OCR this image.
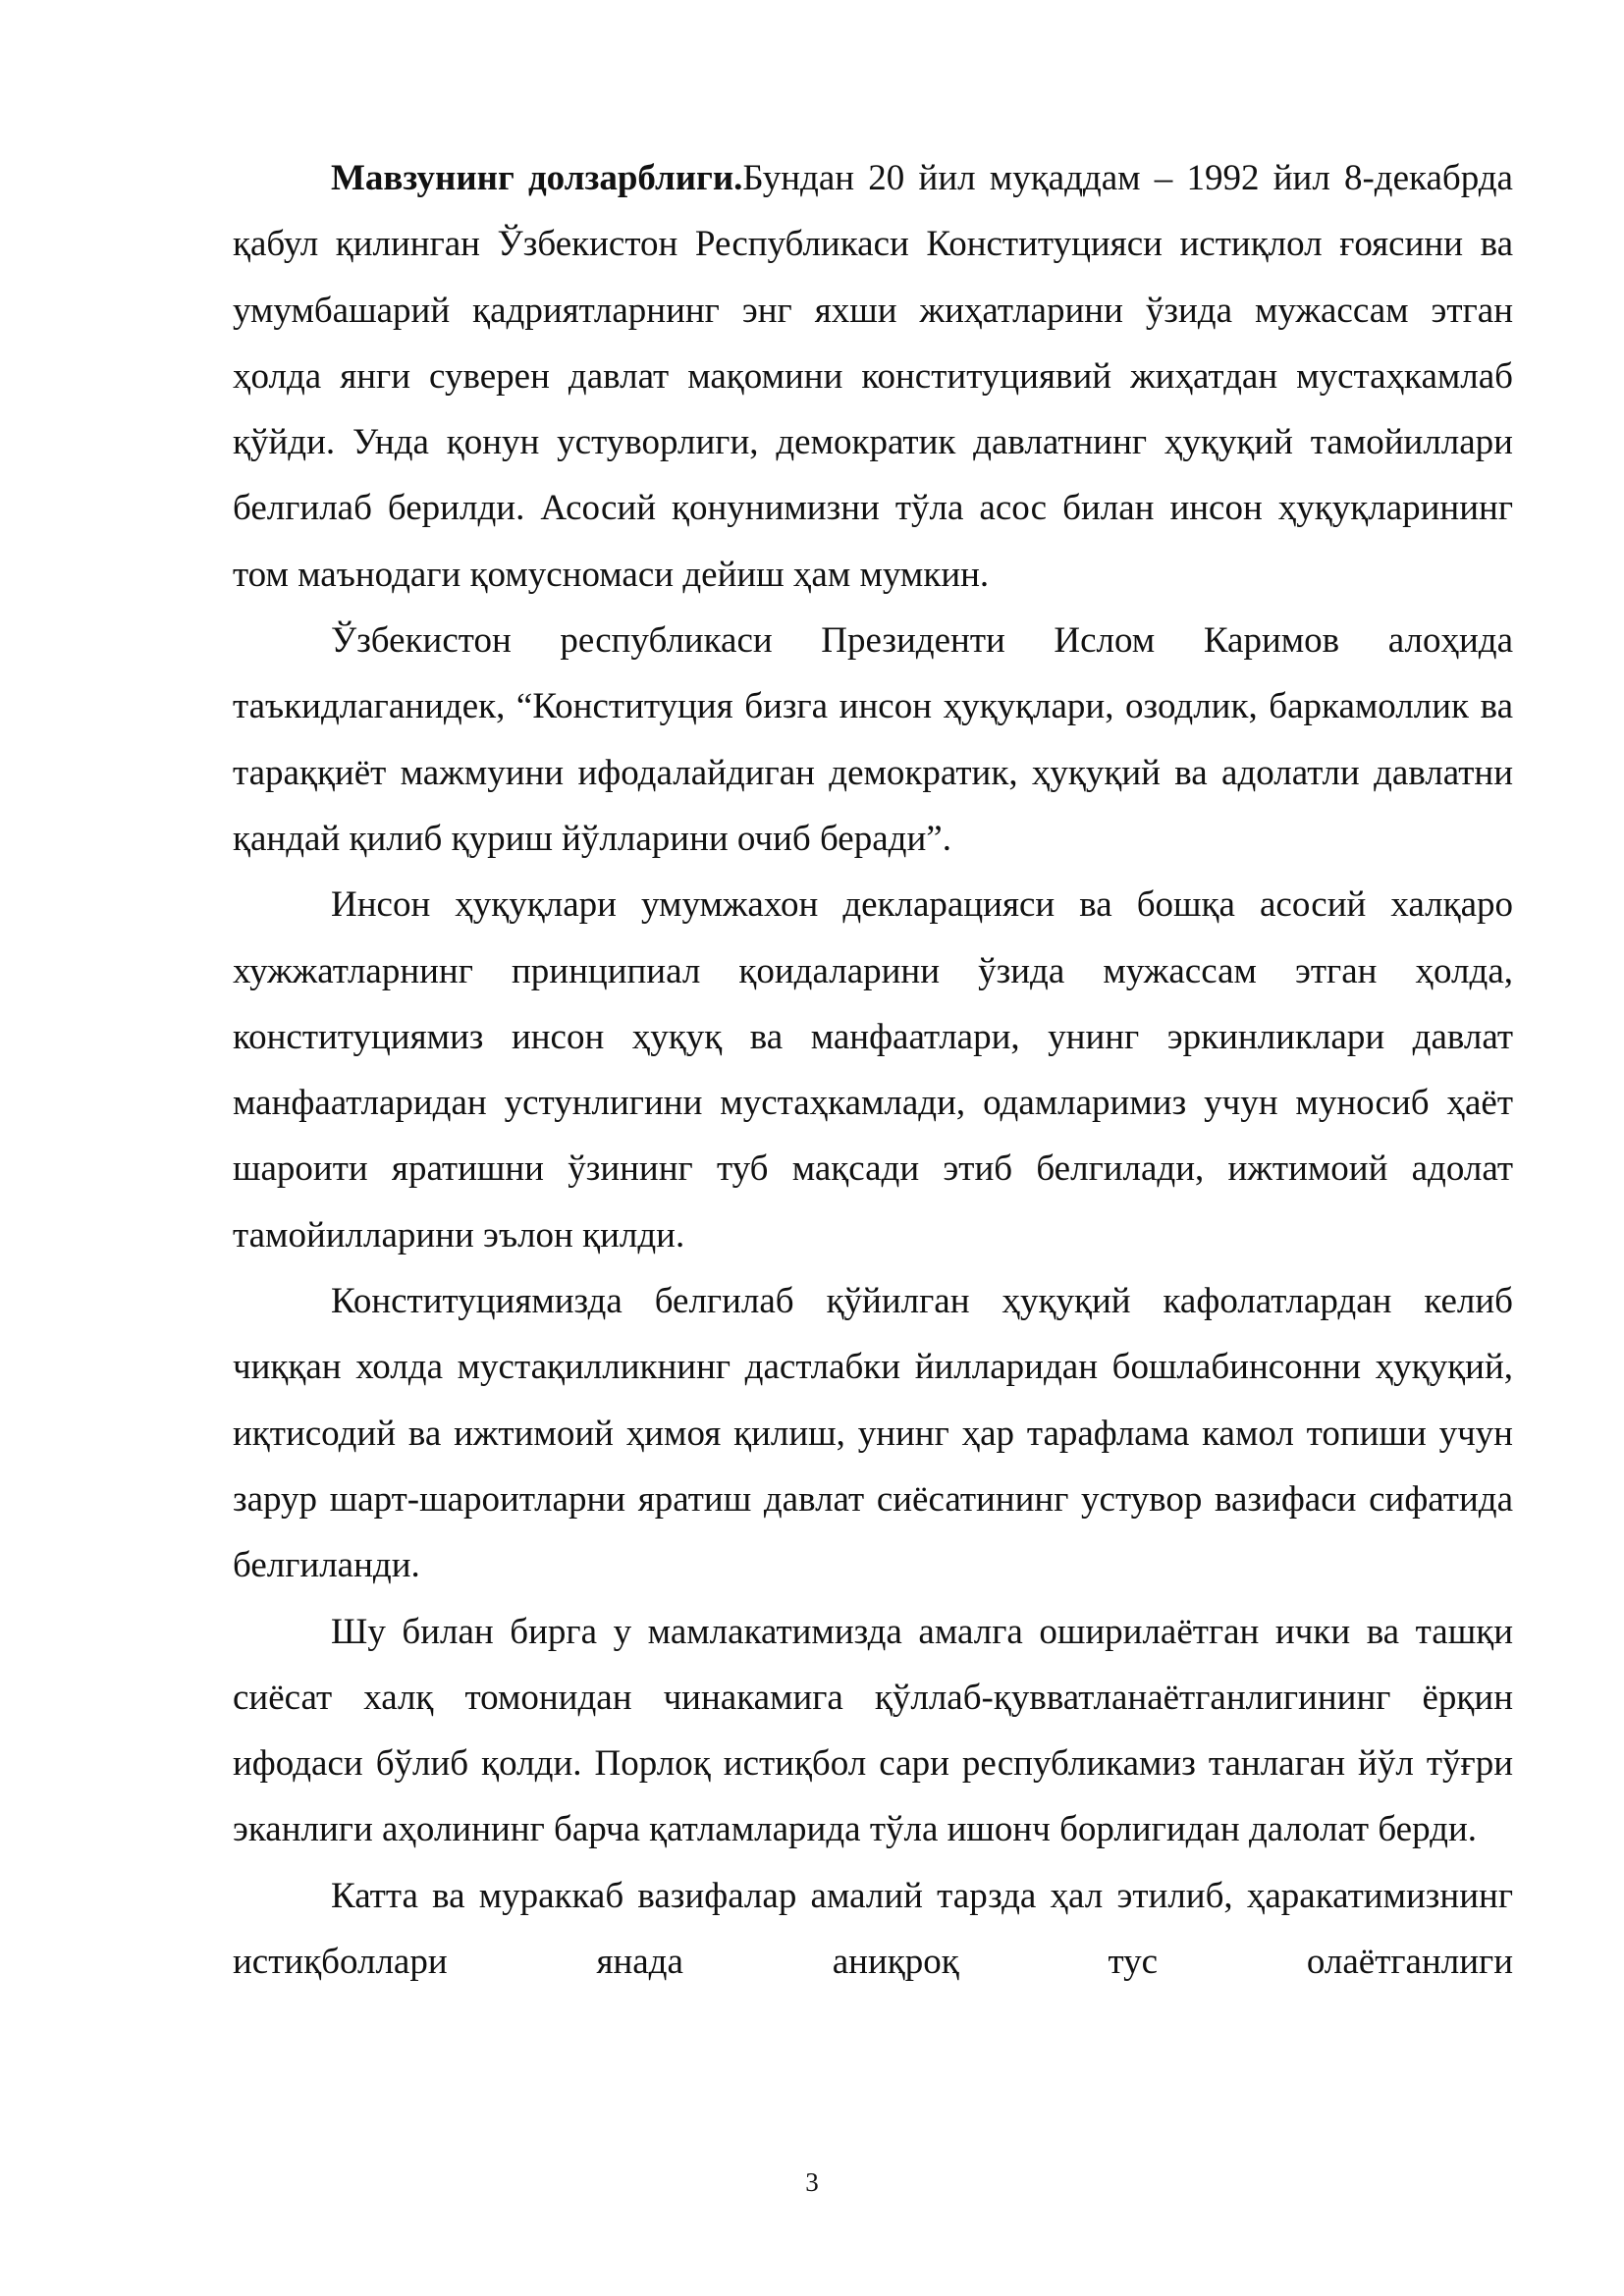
Мавзунинг долзарблиги.Бундан 20 йил муқаддам – 1992 йил 8-декабрда қабул қилинган Ўзбекистон Республикаси Конституцияси истиқлол ғоясини ва умумбашарий қадриятларнинг энг яхши жиҳатларини ўзида мужассам этган ҳолда янги суверен давлат мақомини конституциявий жиҳатдан мустаҳкамлаб қўйди. Унда қонун устуворлиги, демократик давлатнинг ҳуқуқий тамойиллари белгилаб берилди. Асосий қонунимизни тўла асос билан инсон ҳуқуқларининг том маънодаги қомусномаси дейиш ҳам мумкин.

Ўзбекистон республикаси Президенти Ислом Каримов алоҳида таъкидлаганидек, “Конституция бизга инсон ҳуқуқлари, озодлик, баркамоллик ва тараққиёт мажмуини ифодалайдиган демократик, ҳуқуқий ва адолатли давлатни қандай қилиб қуриш йўлларини очиб беради”.

Инсон ҳуқуқлари умумжахон декларацияси ва бошқа асосий халқаро хужжатларнинг принципиал қоидаларини ўзида мужассам этган ҳолда, конституциямиз инсон ҳуқуқ ва манфаатлари, унинг эркинликлари давлат манфаатларидан устунлигини мустаҳкамлади, одамларимиз учун муносиб ҳаёт шароити яратишни ўзининг туб мақсади этиб белгилади, ижтимоий адолат тамойилларини эълон қилди.

Конституциямизда белгилаб қўйилган ҳуқуқий кафолатлардан келиб чиққан холда мустақилликнинг дастлабки йилларидан бошлабинсонни ҳуқуқий, иқтисодий ва ижтимоий ҳимоя қилиш, унинг ҳар тарафлама камол топиши учун зарур шарт-шароитларни яратиш давлат сиёсатининг устувор вазифаси сифатида белгиланди.

Шу билан бирга у мамлакатимизда амалга оширилаётган ички ва ташқи сиёсат халқ томонидан чинакамига қўллаб-қувватланаётганлигининг ёрқин ифодаси бўлиб қолди. Порлоқ истиқбол сари республикамиз танлаган йўл тўғри эканлиги аҳолининг барча қатламларида тўла ишонч борлигидан далолат берди.

Катта ва мураккаб вазифалар амалий тарзда ҳал этилиб, ҳаракатимизнинг истиқболлари янада аниқроқ тус олаётганлиги

3
